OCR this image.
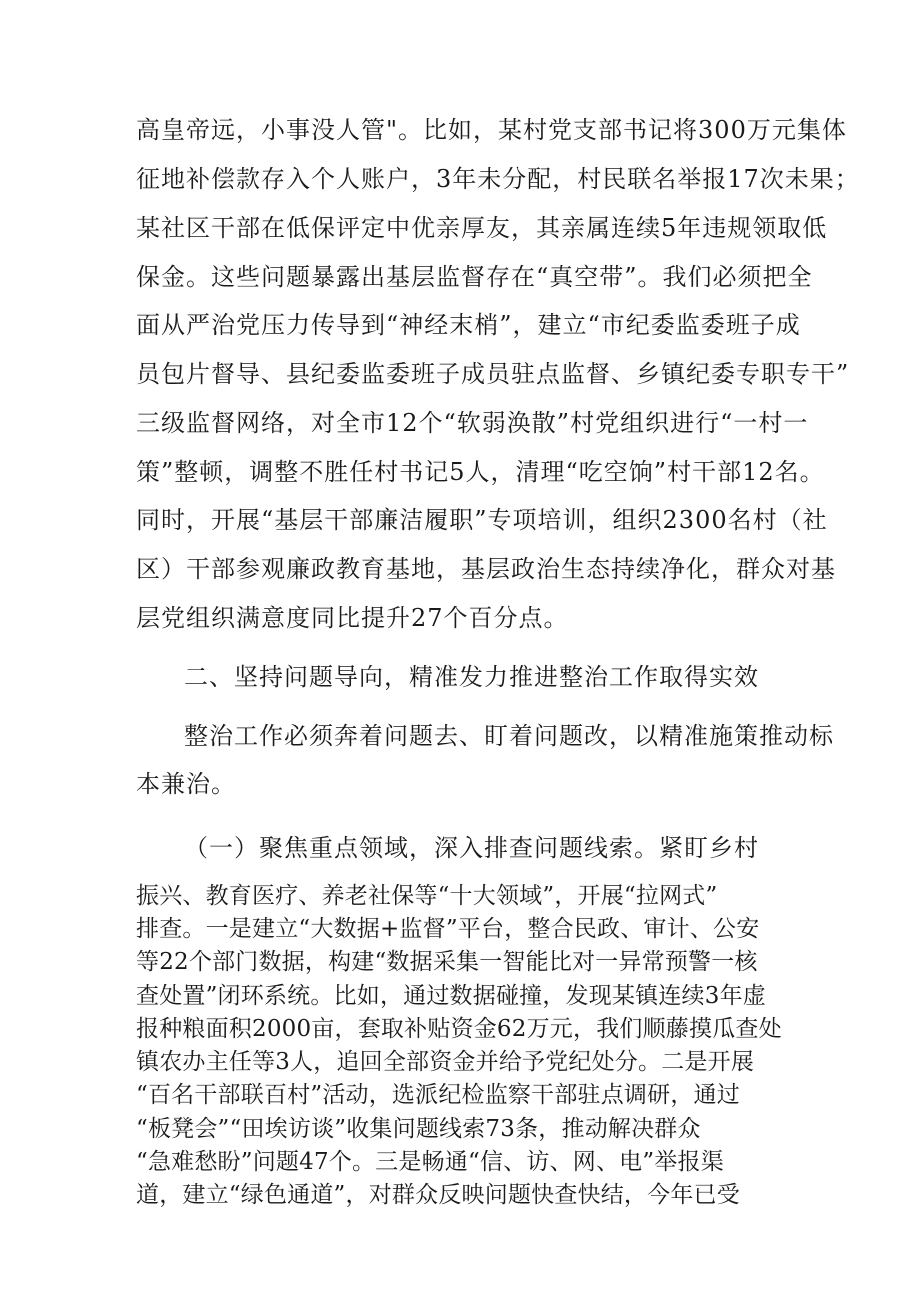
高皇帝远，小事没人管"。比如，某村党支部书记将300万元集体
征地补偿款存入个人账户，3年未分配，村民联名举报17次未果；
某社区干部在低保评定中优亲厚友，其亲属连续5年违规领取低
保金。这些问题暴露出基层监督存在“真空带”。我们必须把全
面从严治党压力传导到“神经末梢”，建立“市纪委监委班子成
员包片督导、县纪委监委班子成员驻点监督、乡镇纪委专职专干”
三级监督网络，对全市12个“软弱涣散”村党组织进行“一村一
策”整顿，调整不胜任村书记5人，清理“吃空饷”村干部12名。
同时，开展“基层干部廉洁履职”专项培训，组织2300名村（社
区）干部参观廉政教育基地，基层政治生态持续净化，群众对基
层党组织满意度同比提升27个百分点。
二、坚持问题导向，精准发力推进整治工作取得实效
整治工作必须奔着问题去、盯着问题改，以精准施策推动标
本兼治。
（一）聚焦重点领域，深入排查问题线索。紧盯乡村
振兴、教育医疗、养老社保等“十大领域”，开展“拉网式”
排查。一是建立“大数据+监督”平台，整合民政、审计、公安
等22个部门数据，构建“数据采集一智能比对一异常预警一核
查处置”闭环系统。比如，通过数据碰撞，发现某镇连续3年虚
报种粮面积2000亩，套取补贴资金62万元，我们顺藤摸瓜查处
镇农办主任等3人，追回全部资金并给予党纪处分。二是开展
“百名干部联百村”活动，选派纪检监察干部驻点调研，通过
“板凳会”“田埃访谈”收集问题线索73条，推动解决群众
“急难愁盼”问题47个。三是畅通“信、访、网、电”举报渠
道，建立“绿色通道”，对群众反映问题快查快结，今年已受
